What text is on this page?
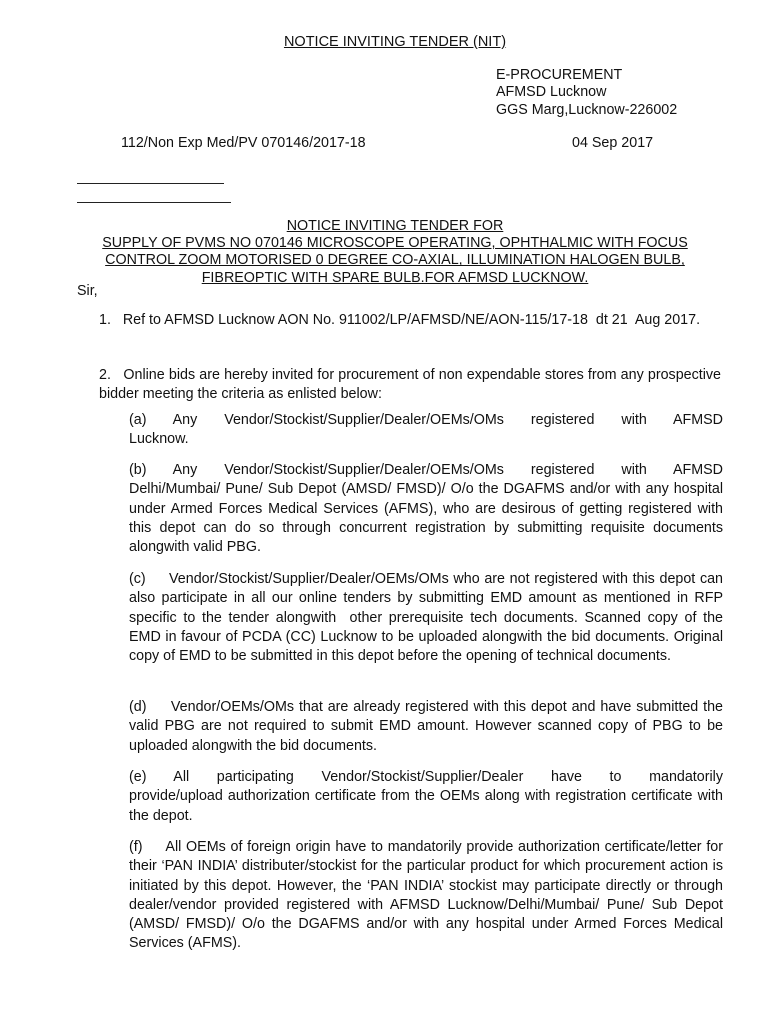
NOTICE INVITING TENDER (NIT)
E-PROCUREMENT
AFMSD Lucknow
GGS Marg,Lucknow-226002
112/Non Exp Med/PV 070146/2017-18	04 Sep 2017
NOTICE INVITING TENDER FOR
SUPPLY OF PVMS NO 070146 MICROSCOPE OPERATING, OPHTHALMIC WITH FOCUS
CONTROL ZOOM MOTORISED 0 DEGREE CO-AXIAL, ILLUMINATION HALOGEN BULB,
FIBREOPTIC WITH SPARE BULB.FOR AFMSD LUCKNOW.
Sir,
1.   Ref to AFMSD Lucknow AON No. 911002/LP/AFMSD/NE/AON-115/17-18  dt 21  Aug 2017.
2.   Online bids are hereby invited for procurement of non expendable stores from any prospective bidder meeting the criteria as enlisted below:
(a)     Any     Vendor/Stockist/Supplier/Dealer/OEMs/OMs     registered     with     AFMSD Lucknow.
(b)     Any     Vendor/Stockist/Supplier/Dealer/OEMs/OMs     registered     with     AFMSD Delhi/Mumbai/ Pune/ Sub Depot (AMSD/ FMSD)/ O/o the DGAFMS and/or with any hospital under Armed Forces Medical Services (AFMS), who are desirous of getting registered with this depot can do so through concurrent registration by submitting requisite documents alongwith valid PBG.
(c)     Vendor/Stockist/Supplier/Dealer/OEMs/OMs who are not registered with this depot can also participate in all our online tenders by submitting EMD amount as mentioned in RFP specific to the tender alongwith  other prerequisite tech documents. Scanned copy of the EMD in favour of PCDA (CC) Lucknow to be uploaded alongwith the bid documents. Original copy of EMD to be submitted in this depot before the opening of technical documents.
(d)     Vendor/OEMs/OMs that are already registered with this depot and have submitted the valid PBG are not required to submit EMD amount. However scanned copy of PBG to be uploaded alongwith the bid documents.
(e)     All     participating     Vendor/Stockist/Supplier/Dealer     have     to     mandatorily provide/upload authorization certificate from the OEMs along with registration certificate with the depot.
(f)     All OEMs of foreign origin have to mandatorily provide authorization certificate/letter for their ‘PAN INDIA’ distributer/stockist for the particular product for which procurement action is initiated by this depot. However, the ‘PAN INDIA’ stockist may participate directly or through dealer/vendor provided registered with AFMSD Lucknow/Delhi/Mumbai/ Pune/ Sub Depot (AMSD/ FMSD)/ O/o the DGAFMS and/or with any hospital under Armed Forces Medical Services (AFMS).
